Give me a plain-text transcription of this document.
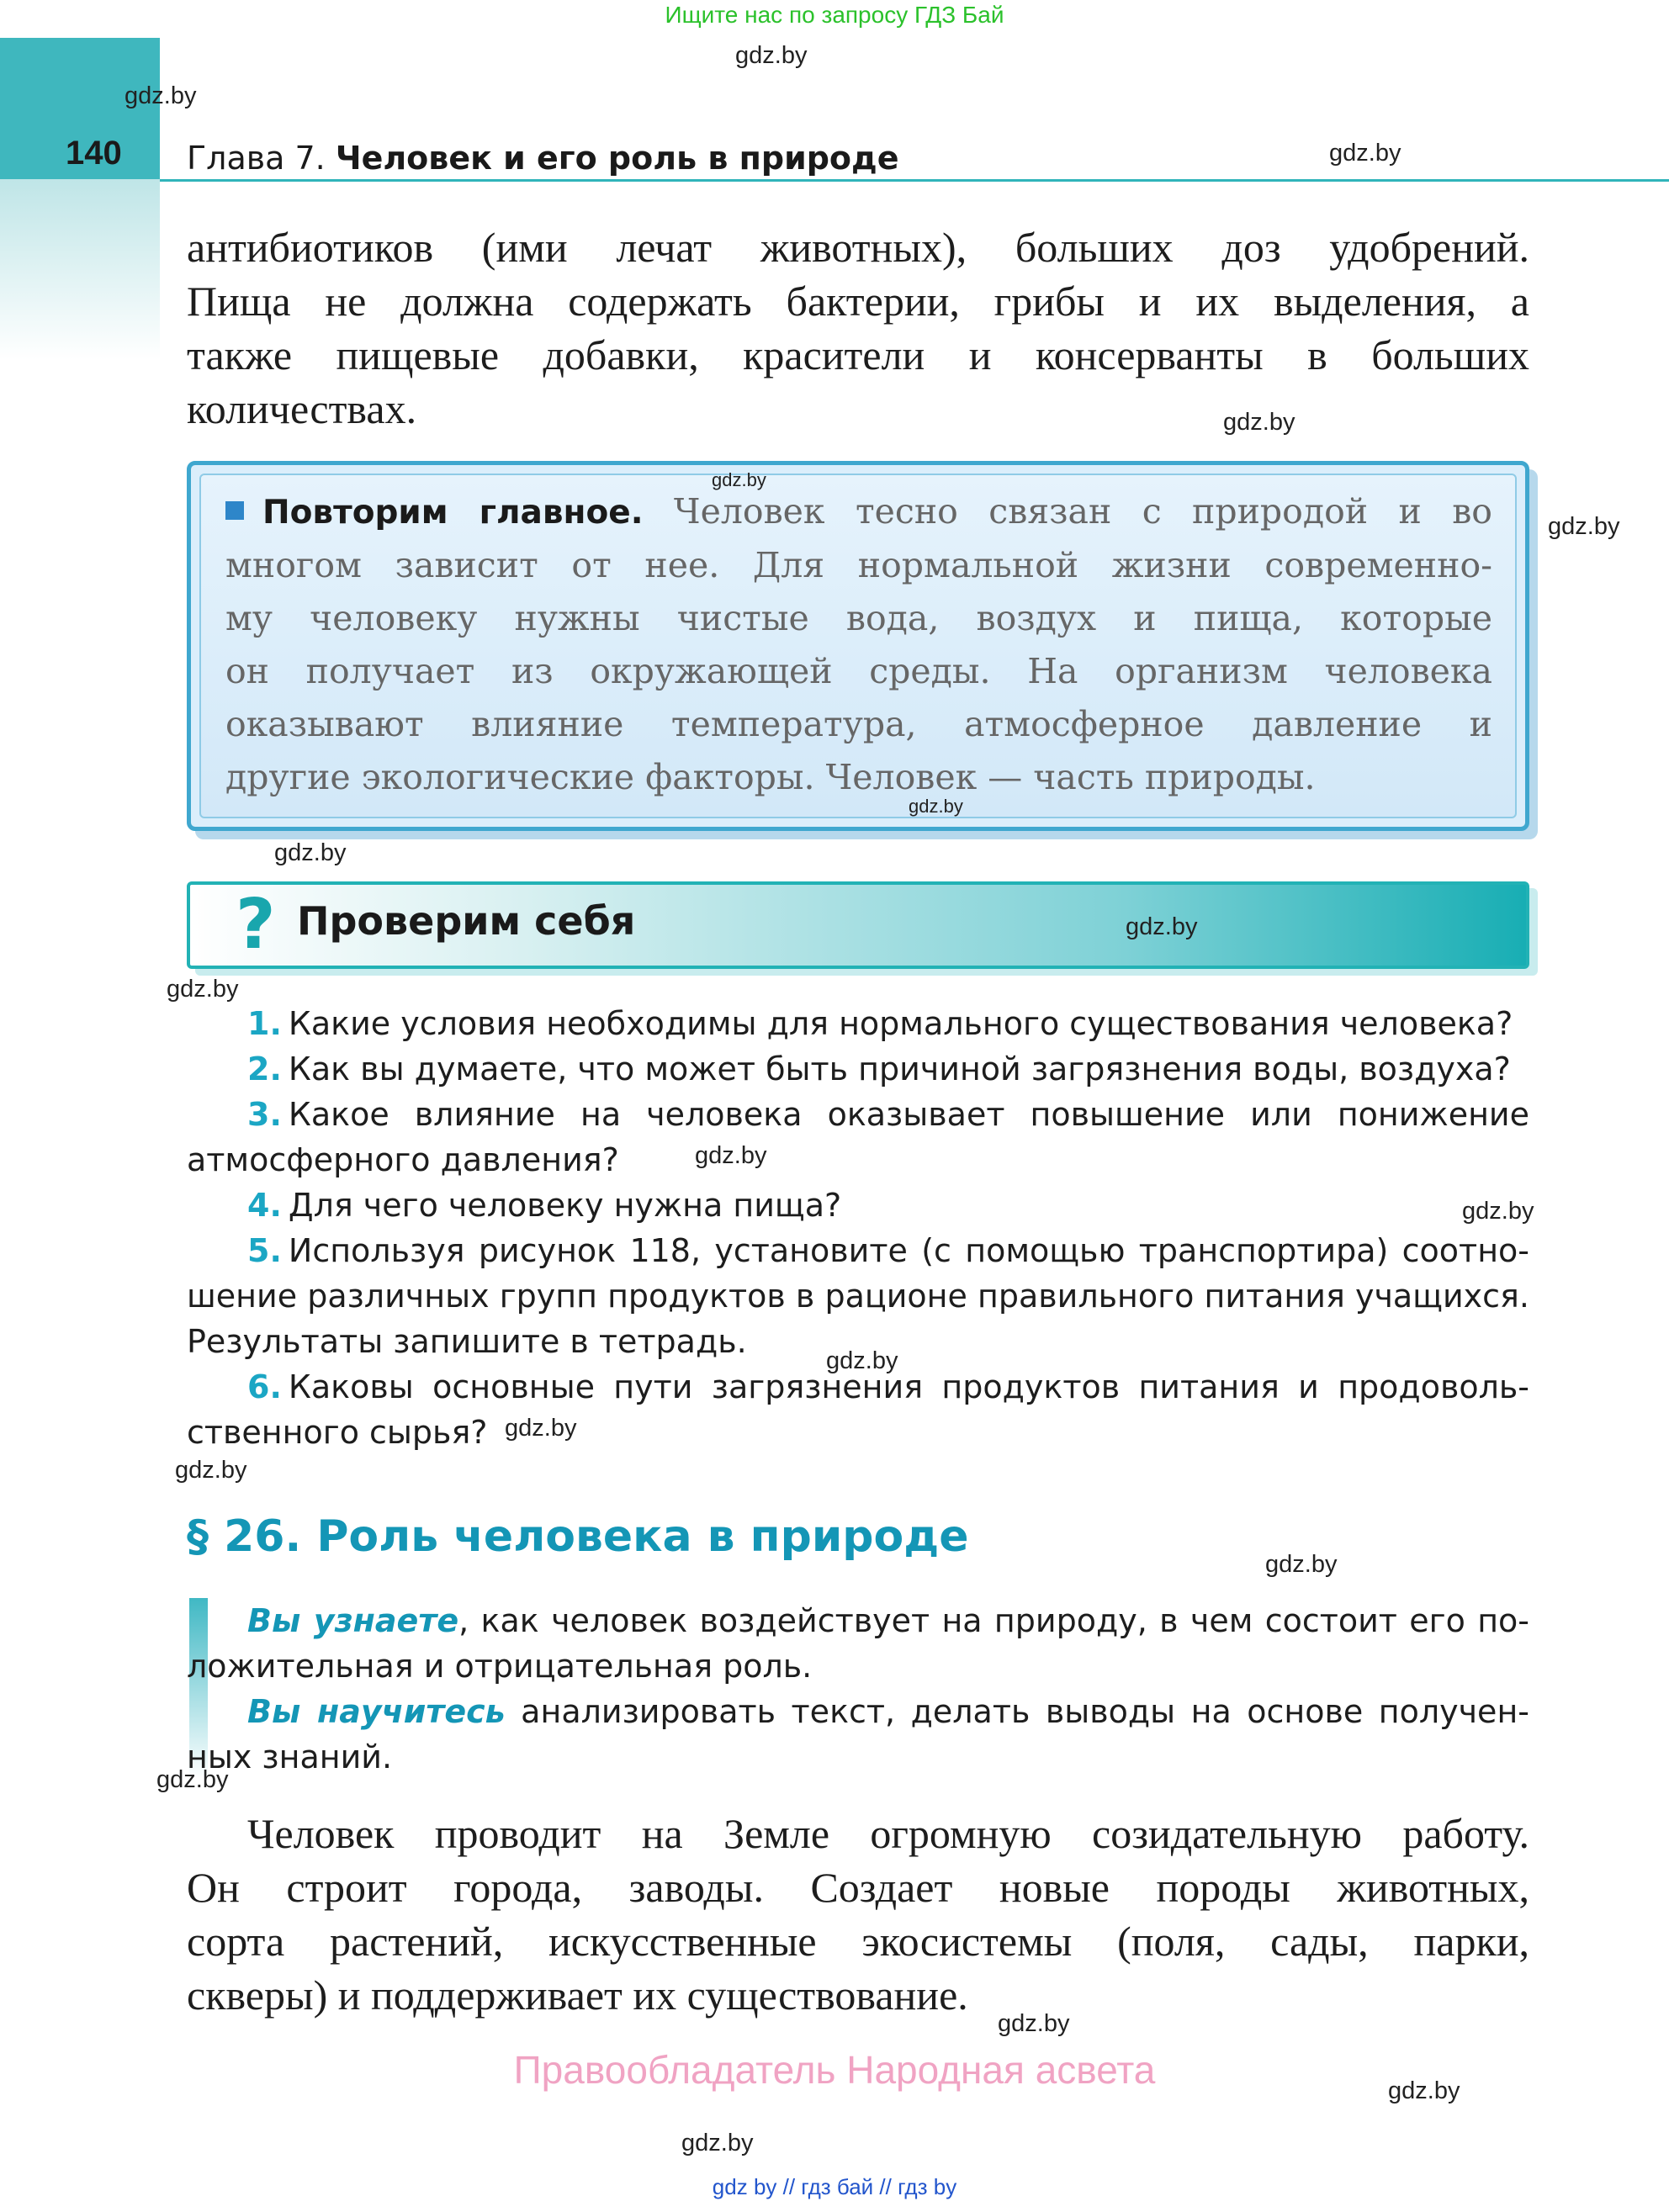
Ищите нас по запросу ГДЗ Бай
140 Глава 7. Человек и его роль в природе
антибиотиков (ими лечат животных), больших доз удобрений.
Пища не должна содержать бактерии, грибы и их выделения, а
также пищевые добавки, красители и консерванты в больших
количествах.
Повторим главное. Человек тесно связан с природой и во
многом зависит от нее. Для нормальной жизни современно-
му человеку нужны чистые вода, воздух и пища, которые
он получает из окружающей среды. На организм человека
оказывают влияние температура, атмосферное давление и
другие экологические факторы. Человек — часть природы.
? Проверим себя
1. Какие условия необходимы для нормального существования человека?
2. Как вы думаете, что может быть причиной загрязнения воды, воздуха?
3. Какое влияние на человека оказывает повышение или понижение
атмосферного давления?
4. Для чего человеку нужна пища?
5. Используя рисунок 118, установите (с помощью транспортира) соотно-
шение различных групп продуктов в рационе правильного питания учащихся.
Результаты запишите в тетрадь.
6. Каковы основные пути загрязнения продуктов питания и продоволь-
ственного сырья?
§ 26. Роль человека в природе
Вы узнаете, как человек воздействует на природу, в чем состоит его по-
ложительная и отрицательная роль.
Вы научитесь анализировать текст, делать выводы на основе получен-
ных знаний.
Человек проводит на Земле огромную созидательную работу.
Он строит города, заводы. Создает новые породы животных,
сорта растений, искусственные экосистемы (поля, сады, парки,
скверы) и поддерживает их существование.
Правообладатель Народная асвета
gdz by // гдз бай // гдз by
gdz.by
gdz.by
gdz.by
gdz.by
gdz.by
gdz.by
gdz.by
gdz.by
gdz.by
gdz.by
gdz.by
gdz.by
gdz.by
gdz.by
gdz.by
gdz.by
gdz.by
gdz.by
gdz.by
gdz.by
